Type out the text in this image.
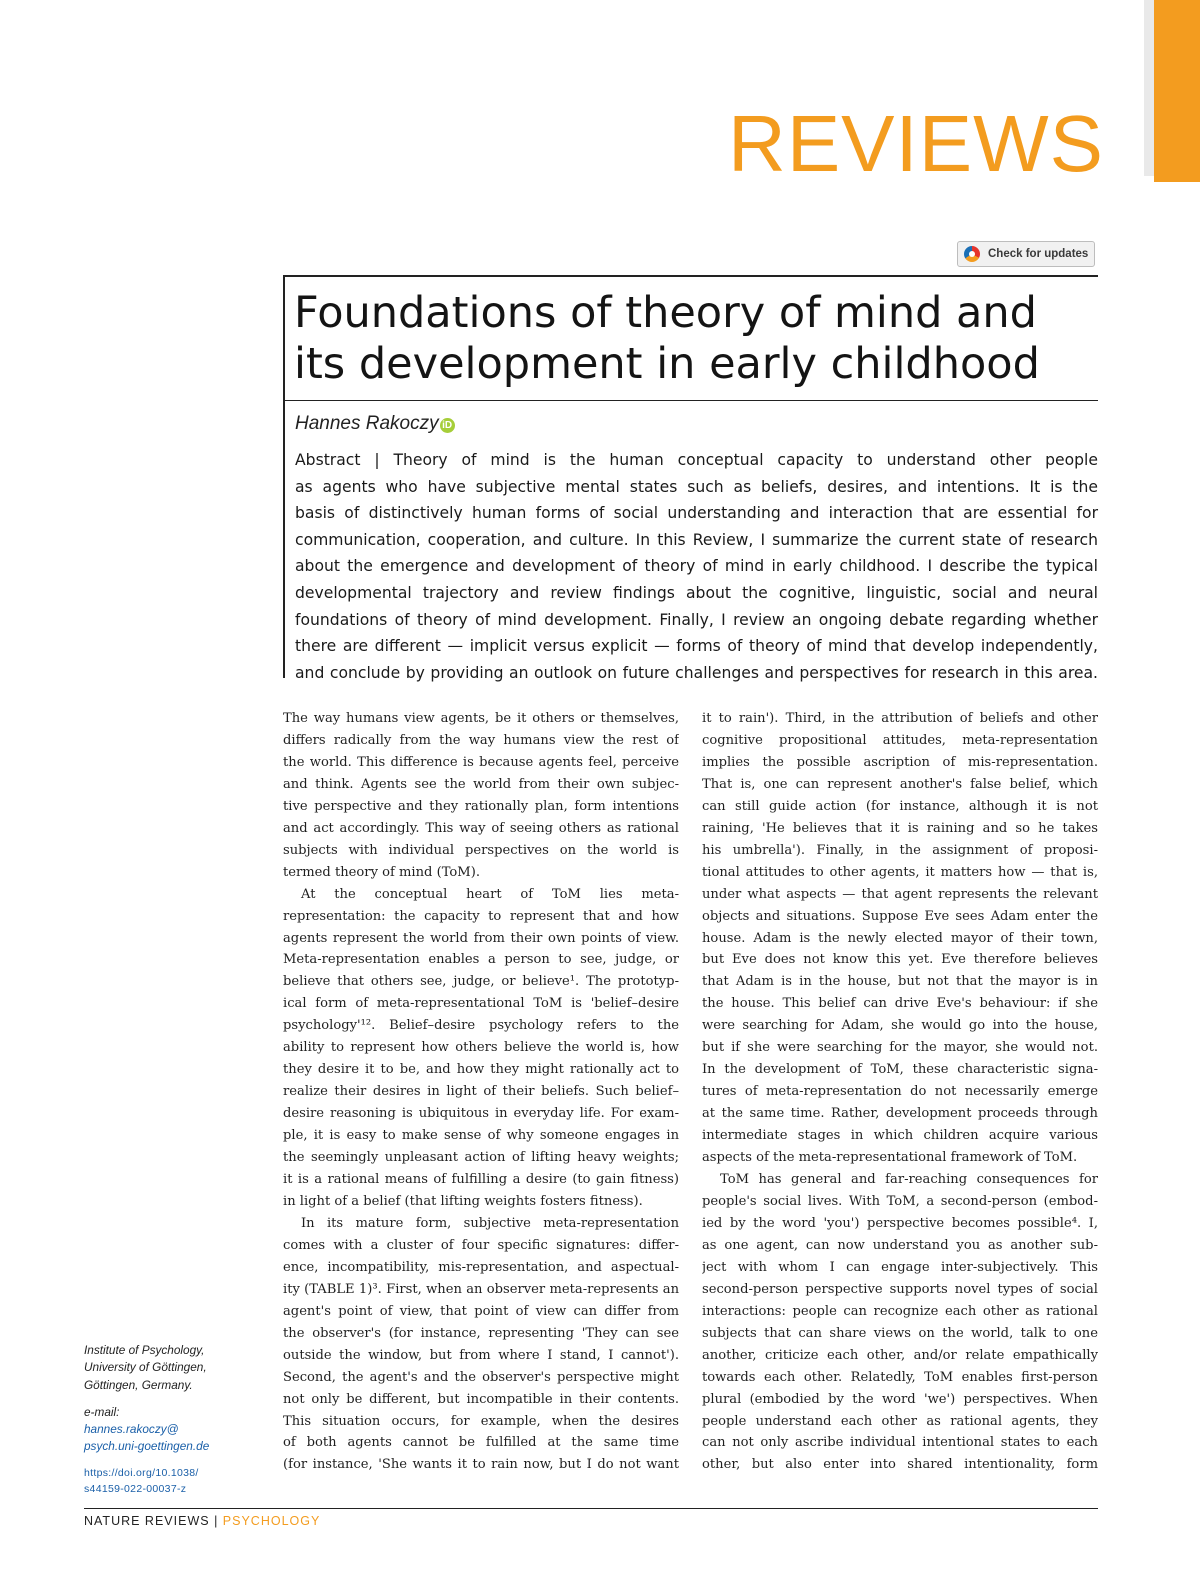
REVIEWS
Check for updates
Foundations of theory of mind and its development in early childhood
Hannes Rakoczy iD
Abstract | Theory of mind is the human conceptual capacity to understand other people
as agents who have subjective mental states such as beliefs, desires, and intentions. It is the
basis of distinctively human forms of social understanding and interaction that are essential for
communication, cooperation, and culture. In this Review, I summarize the current state of research
about the emergence and development of theory of mind in early childhood. I describe the typical
developmental trajectory and review findings about the cognitive, linguistic, social and neural
foundations of theory of mind development. Finally, I review an ongoing debate regarding whether
there are different — implicit versus explicit — forms of theory of mind that develop independently,
and conclude by providing an outlook on future challenges and perspectives for research in this area.
The way humans view agents, be it others or themselves,
differs radically from the way humans view the rest of
the world. This difference is because agents feel, perceive
and think. Agents see the world from their own subjec-
tive perspective and they rationally plan, form intentions
and act accordingly. This way of seeing others as rational
subjects with individual perspectives on the world is
termed theory of mind (ToM).
At the conceptual heart of ToM lies meta-
representation: the capacity to represent that and how
agents represent the world from their own points of view.
Meta-representation enables a person to see, judge, or
believe that others see, judge, or believe¹. The prototyp-
ical form of meta-representational ToM is 'belief–desire
psychology'¹². Belief–desire psychology refers to the
ability to represent how others believe the world is, how
they desire it to be, and how they might rationally act to
realize their desires in light of their beliefs. Such belief–
desire reasoning is ubiquitous in everyday life. For exam-
ple, it is easy to make sense of why someone engages in
the seemingly unpleasant action of lifting heavy weights;
it is a rational means of fulfilling a desire (to gain fitness)
in light of a belief (that lifting weights fosters fitness).
In its mature form, subjective meta-representation
comes with a cluster of four specific signatures: differ-
ence, incompatibility, mis-representation, and aspectual-
ity (TABLE 1)³. First, when an observer meta-represents an
agent's point of view, that point of view can differ from
the observer's (for instance, representing 'They can see
outside the window, but from where I stand, I cannot').
Second, the agent's and the observer's perspective might
not only be different, but incompatible in their contents.
This situation occurs, for example, when the desires
of both agents cannot be fulfilled at the same time
(for instance, 'She wants it to rain now, but I do not want
it to rain'). Third, in the attribution of beliefs and other
cognitive propositional attitudes, meta-representation
implies the possible ascription of mis-representation.
That is, one can represent another's false belief, which
can still guide action (for instance, although it is not
raining, 'He believes that it is raining and so he takes
his umbrella'). Finally, in the assignment of proposi-
tional attitudes to other agents, it matters how — that is,
under what aspects — that agent represents the relevant
objects and situations. Suppose Eve sees Adam enter the
house. Adam is the newly elected mayor of their town,
but Eve does not know this yet. Eve therefore believes
that Adam is in the house, but not that the mayor is in
the house. This belief can drive Eve's behaviour: if she
were searching for Adam, she would go into the house,
but if she were searching for the mayor, she would not.
In the development of ToM, these characteristic signa-
tures of meta-representation do not necessarily emerge
at the same time. Rather, development proceeds through
intermediate stages in which children acquire various
aspects of the meta-representational framework of ToM.
ToM has general and far-reaching consequences for
people's social lives. With ToM, a second-person (embod-
ied by the word 'you') perspective becomes possible⁴. I,
as one agent, can now understand you as another sub-
ject with whom I can engage inter-subjectively. This
second-person perspective supports novel types of social
interactions: people can recognize each other as rational
subjects that can share views on the world, talk to one
another, criticize each other, and/or relate empathically
towards each other. Relatedly, ToM enables first-person
plural (embodied by the word 'we') perspectives. When
people understand each other as rational agents, they
can not only ascribe individual intentional states to each
other, but also enter into shared intentionality, form
Institute of Psychology,
University of Göttingen,
Göttingen, Germany.
e-mail:
hannes.rakoczy@
psych.uni-goettingen.de
https://doi.org/10.1038/
s44159-022-00037-z
NATURE REVIEWS | PSYCHOLOGY
